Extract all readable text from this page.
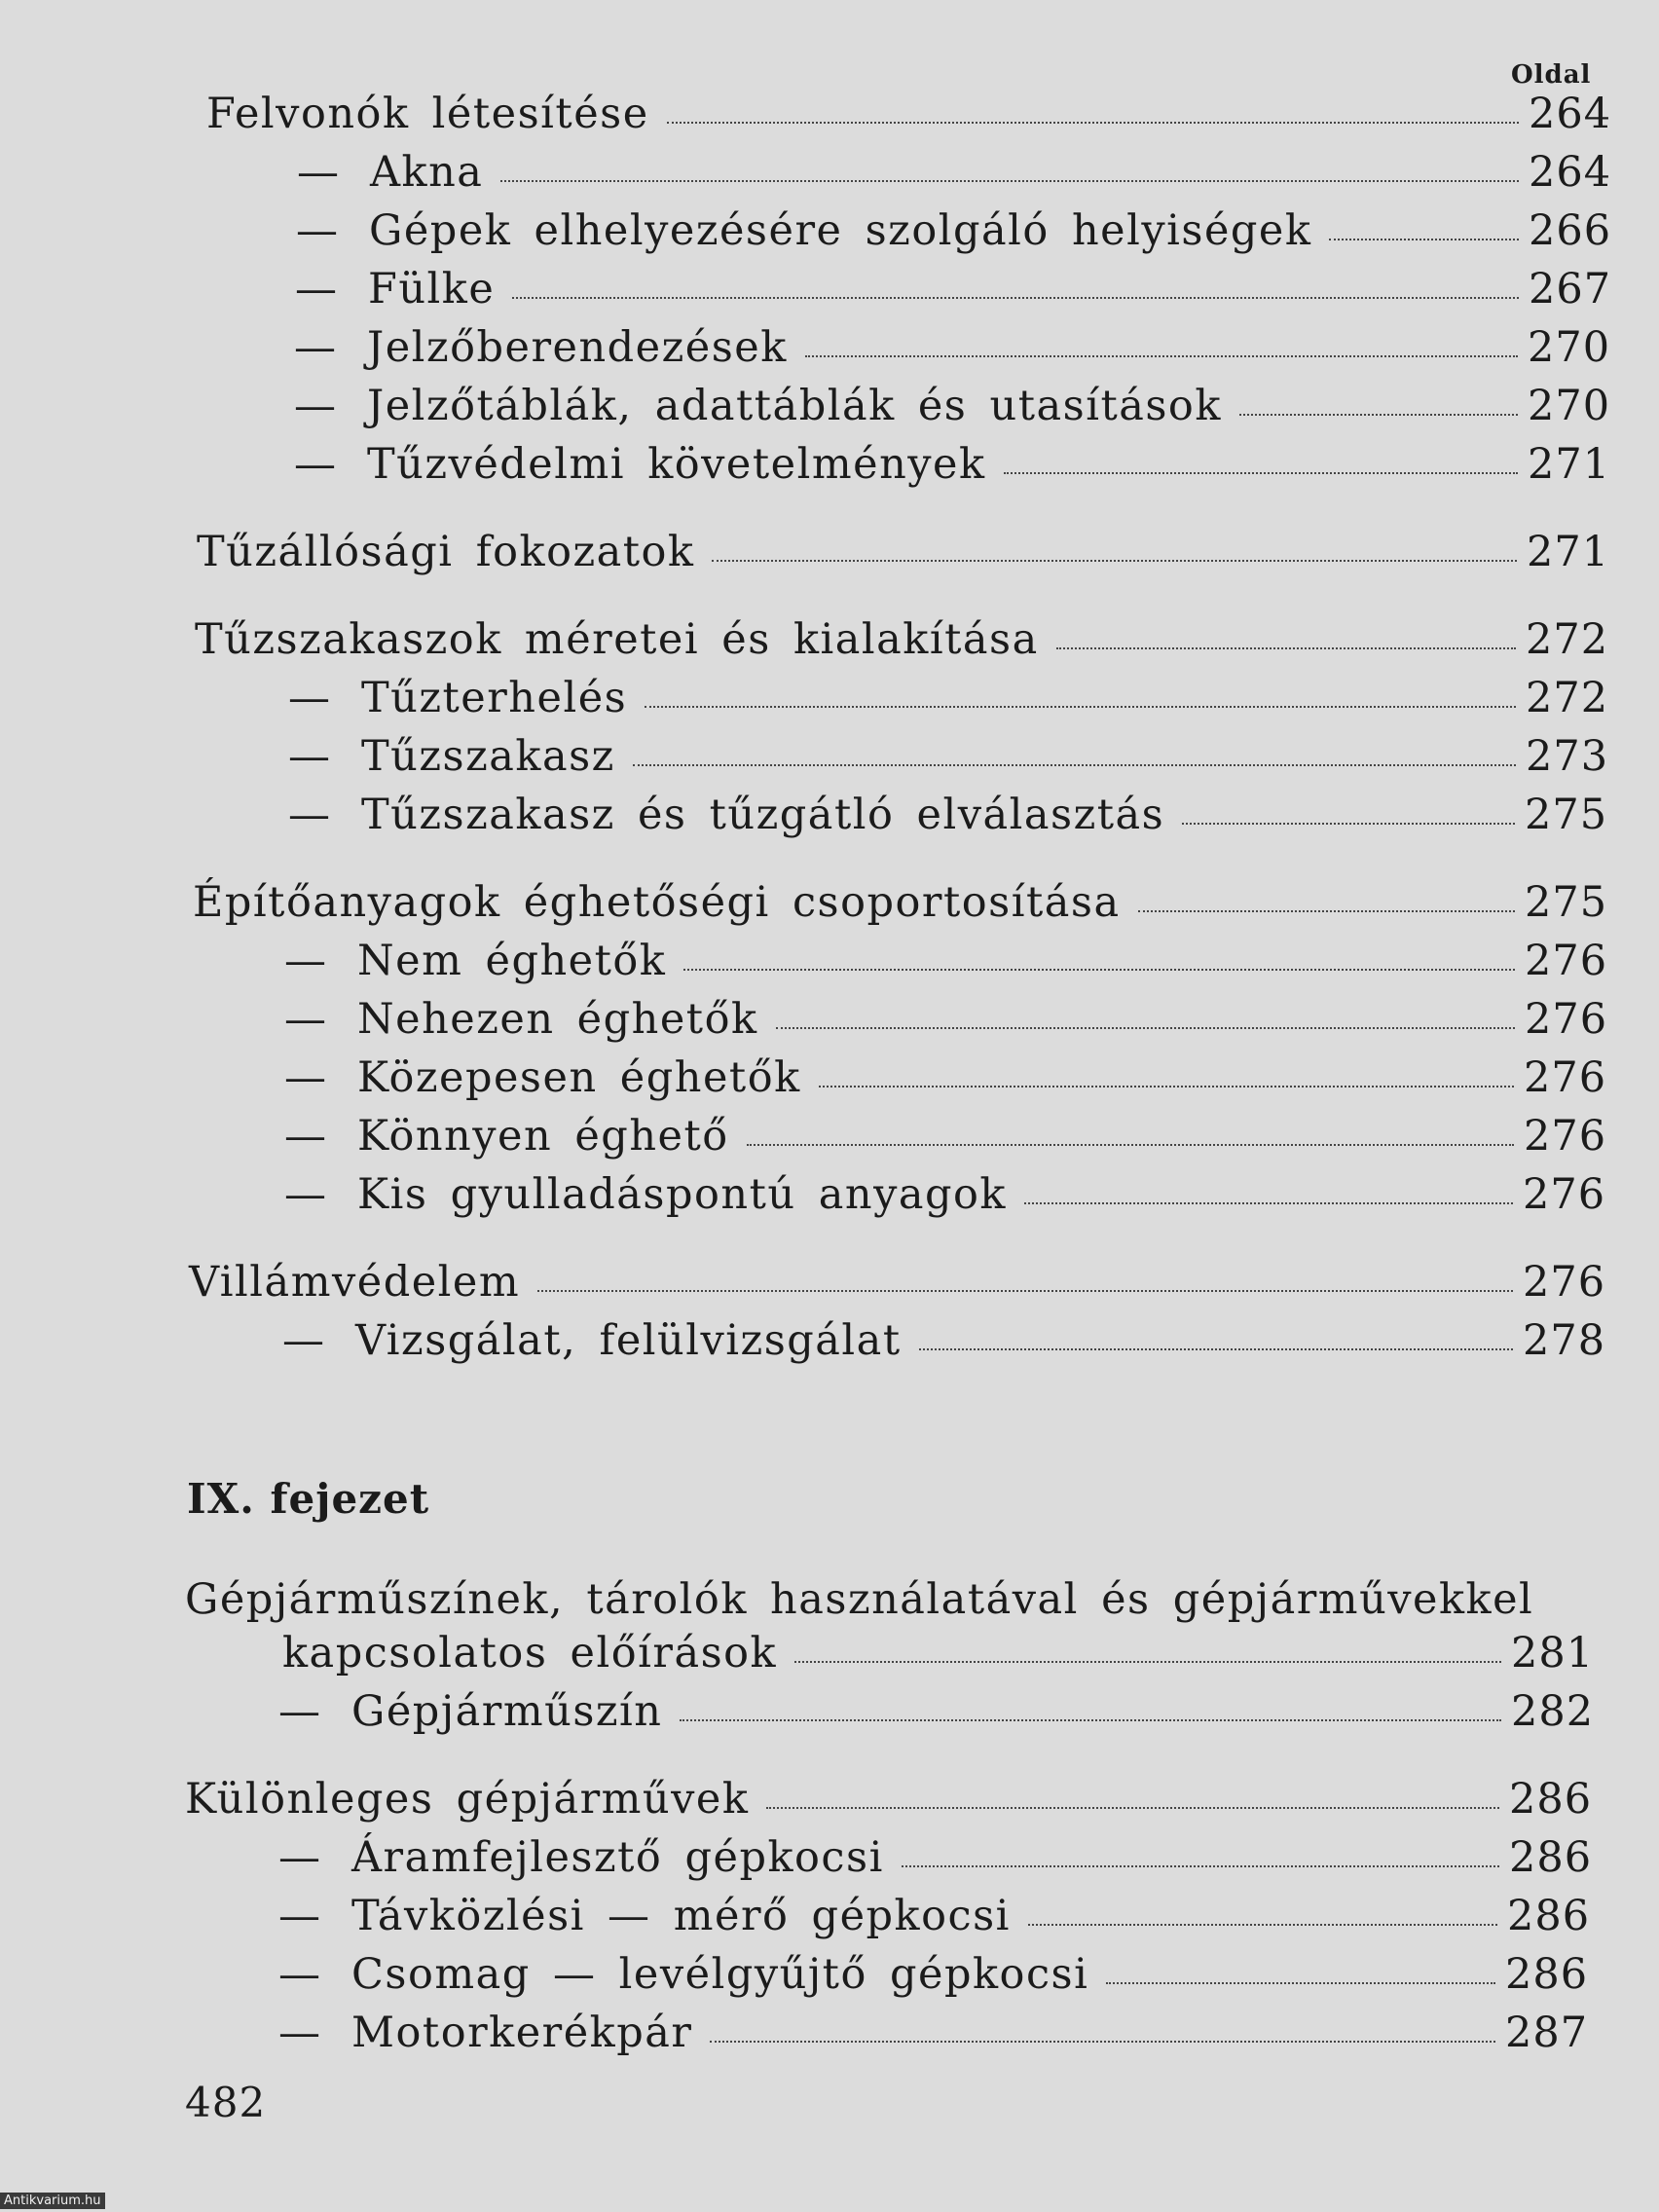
Oldal
Felvonók létesítése	264
— Akna	264
— Gépek elhelyezésére szolgáló helyiségek	266
— Fülke	267
— Jelzőberendezések	270
— Jelzőtáblák, adattáblák és utasítások	270
— Tűzvédelmi követelmények	271
Tűzállósági fokozatok	271
Tűzszakaszok méretei és kialakítása	272
— Tűzterhelés	272
— Tűzszakasz	273
— Tűzszakasz és tűzgátló elválasztás	275
Építőanyagok éghetőségi csoportosítása	275
— Nem éghetők	276
— Nehezen éghetők	276
— Közepesen éghetők	276
— Könnyen éghető	276
— Kis gyulladáspontú anyagok	276
Villámvédelem	276
— Vizsgálat, felülvizsgálat	278
IX. fejezet
Gépjárműszínek, tárolók használatával és gépjárművekkel
kapcsolatos előírások	281
— Gépjárműszín	282
Különleges gépjárművek	286
— Áramfejlesztő gépkocsi	286
— Távközlési — mérő gépkocsi	286
— Csomag — levélgyűjtő gépkocsi	286
— Motorkerékpár	287
482
Antikvarium.hu
